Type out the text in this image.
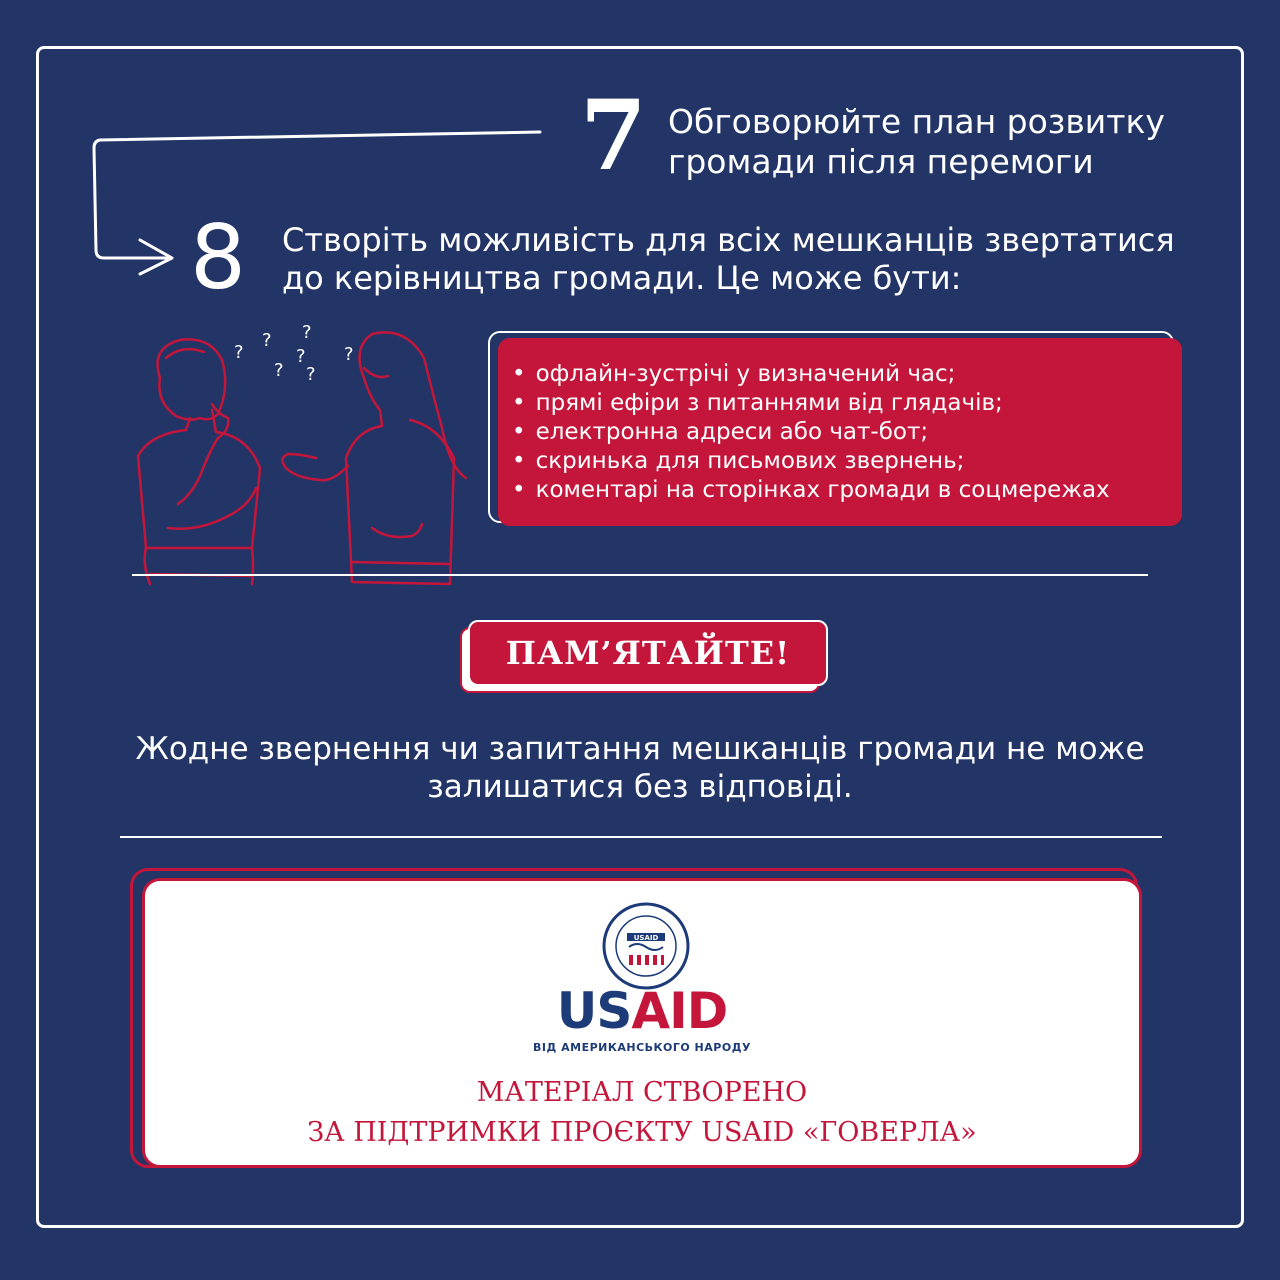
7 Обговорюйте план розвитку громади після перемоги

8 Створіть можливість для всіх мешканців звертатися до керівництва громади. Це може бути:

?
?
?
?
?
? ?
• офлайн-зустрічі у визначений час;
• прямі ефіри з питаннями від глядачів;
• електронна адреси або чат-бот;
• скринька для письмових звернень;
• коментарі на сторінках громади в соцмережах
ПАМ’ЯТАЙТЕ!

Жодне звернення чи запитання мешканців громади не може залишатися без відповіді.

USAID
USAID
ВІД АМЕРИКАНСЬКОГО НАРОДУ
МАТЕРІАЛ СТВОРЕНО
ЗА ПІДТРИМКИ ПРОЄКТУ USAID «ГОВЕРЛА»
